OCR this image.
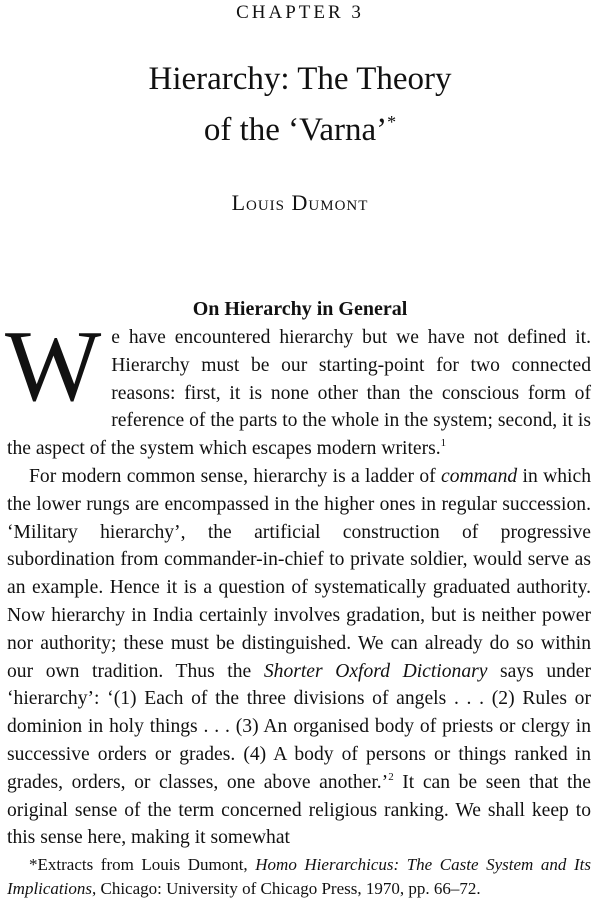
CHAPTER 3
Hierarchy: The Theory
of the ‘Varna’*
Louis Dumont
On Hierarchy in General

We have encountered hierarchy but we have not defined it. Hierarchy must be our starting-point for two connected reasons: first, it is none other than the conscious form of reference of the parts to the whole in the system; second, it is the aspect of the system which escapes modern writers.$^1$

For modern common sense, hierarchy is a ladder of command in which the lower rungs are encompassed in the higher ones in regular succession. ‘Military hierarchy’, the artificial construction of progressive subordination from commander-in-chief to private soldier, would serve as an example. Hence it is a question of systematically graduated authority. Now hierarchy in India certainly involves gradation, but is neither power nor authority; these must be distinguished. We can already do so within our own tradition. Thus the Shorter Oxford Dictionary says under ‘hierarchy’: ‘(1) Each of the three divisions of angels . . . (2) Rules or dominion in holy things . . . (3) An organised body of priests or clergy in successive orders or grades. (4) A body of persons or things ranked in grades, orders, or classes, one above another.’$^2$ It can be seen that the original sense of the term concerned religious ranking. We shall keep to this sense here, making it somewhat

*Extracts from Louis Dumont, Homo Hierarchicus: The Caste System and Its Implications, Chicago: University of Chicago Press, 1970, pp. 66–72.
